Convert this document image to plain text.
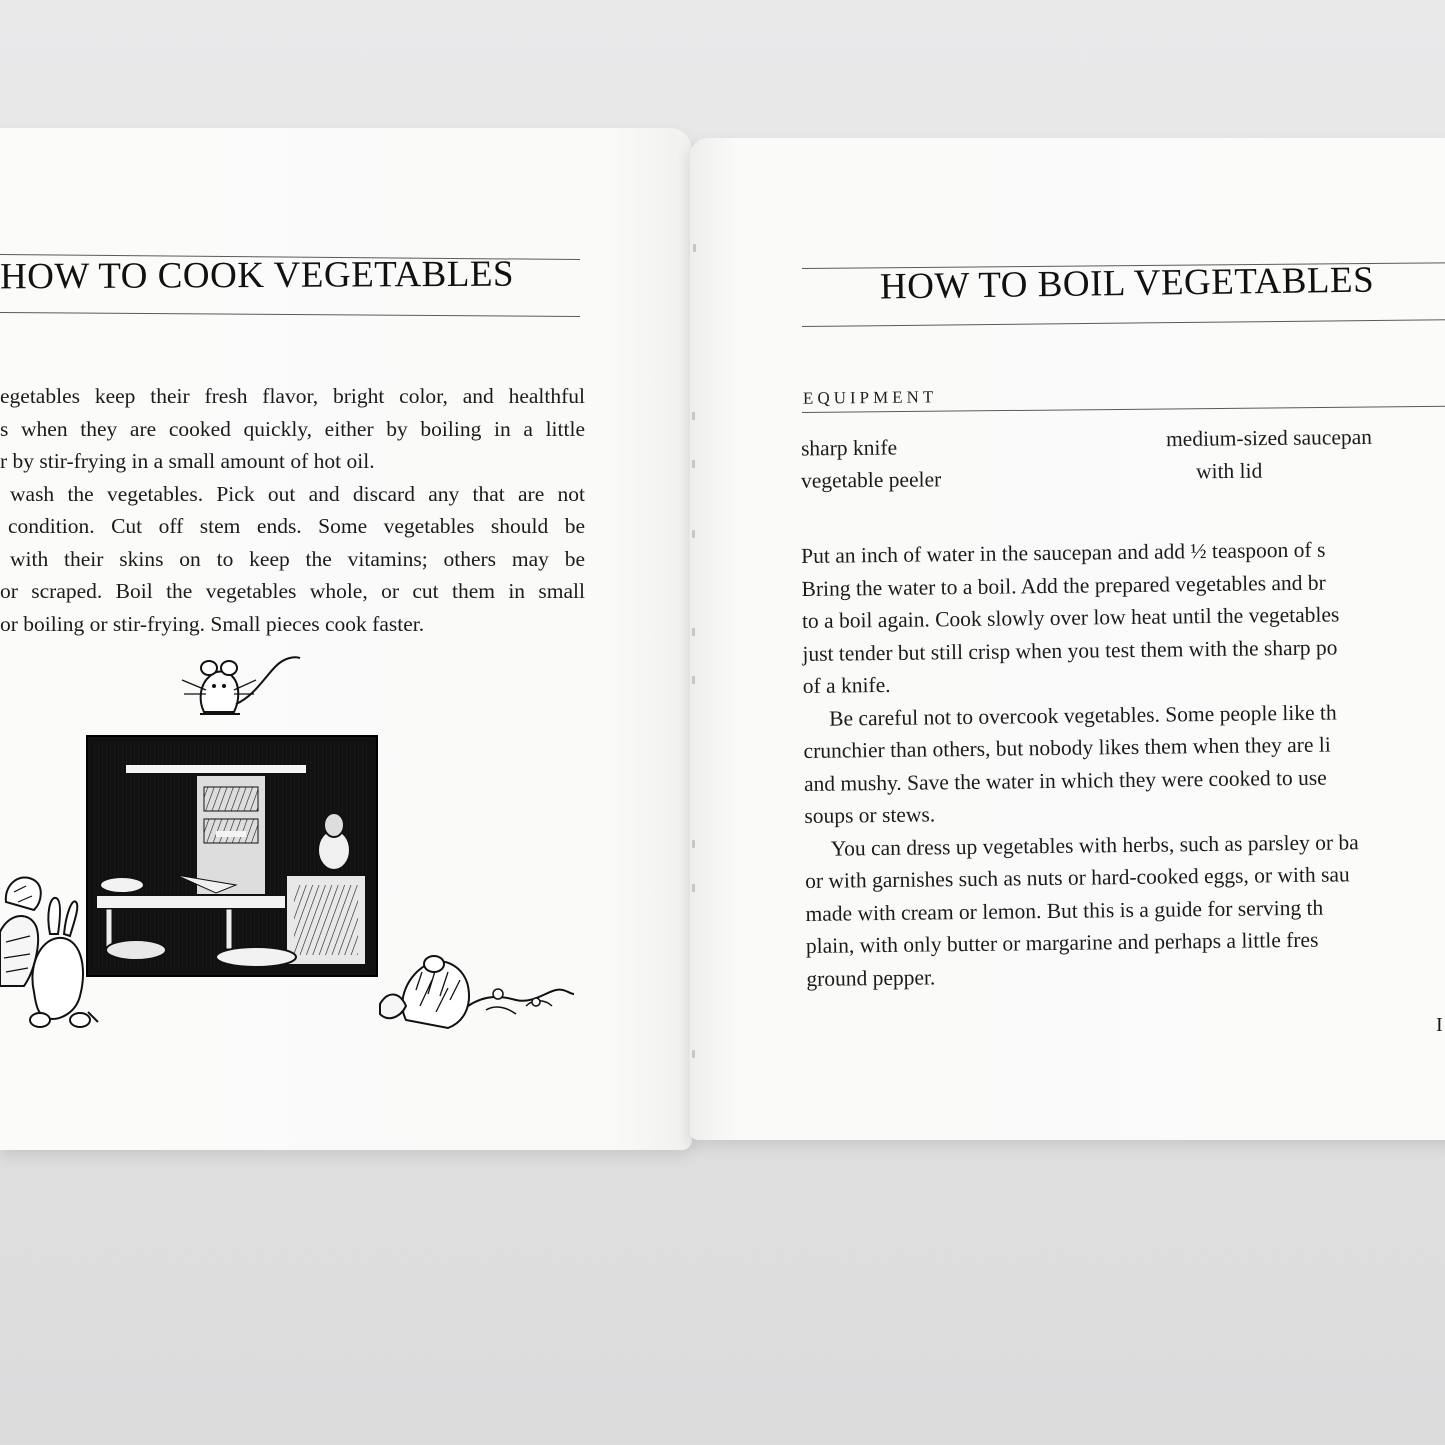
HOW TO COOK VEGETABLES
egetables keep their fresh flavor, bright color, and healthful
s when they are cooked quickly, either by boiling in a little
r by stir-frying in a small amount of hot oil.
wash the vegetables. Pick out and discard any that are not
condition. Cut off stem ends. Some vegetables should be
with their skins on to keep the vitamins; others may be
or scraped. Boil the vegetables whole, or cut them in small
or boiling or stir-frying. Small pieces cook faster.
HOW TO BOIL VEGETABLES
EQUIPMENT

sharp knife

vegetable peeler

medium-sized saucepan

with lid

Put an inch of water in the saucepan and add ½ teaspoon of s
Bring the water to a boil. Add the prepared vegetables and br
to a boil again. Cook slowly over low heat until the vegetables
just tender but still crisp when you test them with the sharp po
of a knife.
Be careful not to overcook vegetables. Some people like th
crunchier than others, but nobody likes them when they are li
and mushy. Save the water in which they were cooked to use
soups or stews.
You can dress up vegetables with herbs, such as parsley or ba
or with garnishes such as nuts or hard-cooked eggs, or with sau
made with cream or lemon. But this is a guide for serving th
plain, with only butter or margarine and perhaps a little fres
ground pepper.

I
